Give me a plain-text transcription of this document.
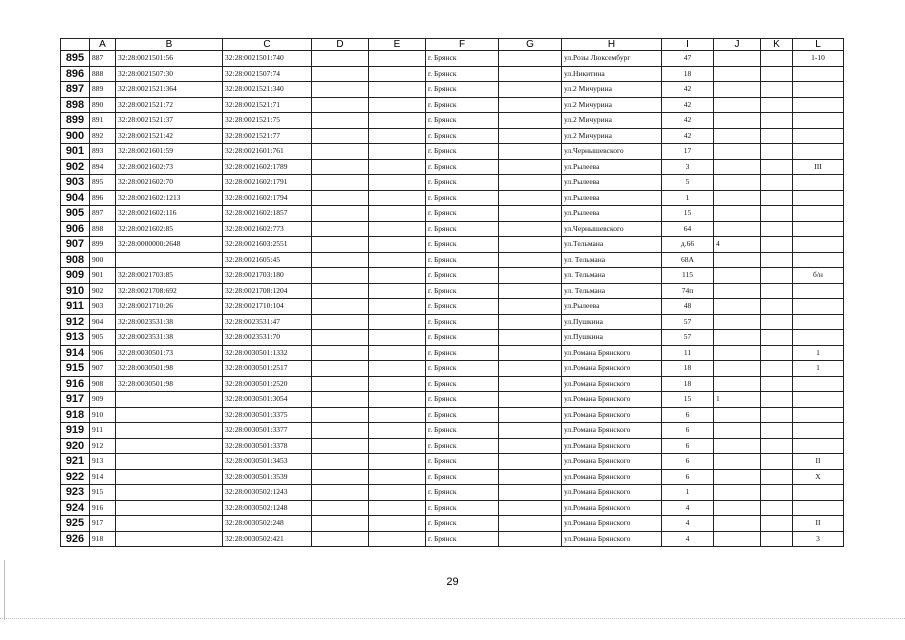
	A	B	C	D	E	F	G	H	I	J	K	L
895	887	32:28:0021501:56	32:28:0021501:740			г. Брянск		ул.Розы Люксембург	47			1-10
896	888	32:28:0021507:30	32:28:0021507:74			г. Брянск		ул.Никитина	18			
897	889	32:28:0021521:364	32:28:0021521:340			г. Брянск		ул.2 Мичурина	42			
898	890	32:28:0021521:72	32:28:0021521:71			г. Брянск		ул.2 Мичурина	42			
899	891	32:28:0021521:37	32:28:0021521:75			г. Брянск		ул.2 Мичурина	42			
900	892	32:28:0021521:42	32:28:0021521:77			г. Брянск		ул.2 Мичурина	42			
901	893	32:28:0021601:59	32:28:0021601:761			г. Брянск		ул.Чернышевского	17			
902	894	32:28:0021602:73	32:28:0021602:1789			г. Брянск		ул.Рылеева	3			III
903	895	32:28:0021602:70	32:28:0021602:1791			г. Брянск		ул.Рылеева	5			
904	896	32:28:0021602:1213	32:28:0021602:1794			г. Брянск		ул.Рылеева	1			
905	897	32:28:0021602:116	32:28:0021602:1857			г. Брянск		ул.Рылеева	15			
906	898	32:28:0021602:85	32:28:0021602:773			г. Брянск		ул.Чернышевского	64			
907	899	32:28:0000000:2648	32:28:0021603:2551			г. Брянск		ул.Тельмана	д.66	4		
908	900		32:28:0021605:45			г. Брянск		ул. Тельмана	68А			
909	901	32:28:0021703:85	32:28:0021703:180			г. Брянск		ул. Тельмана	115			б/н
910	902	32:28:0021708:692	32:28:0021708:1204			г. Брянск		ул. Тельмана	74п			
911	903	32:28:0021710:26	32:28:0021710:104			г. Брянск		ул.Рылеева	48			
912	904	32:28:0023531:38	32:28:0023531:47			г. Брянск		ул.Пушкина	57			
913	905	32:28:0023531:38	32:28:0023531:70			г. Брянск		ул.Пушкина	57			
914	906	32:28:0030501:73	32:28:0030501:1332			г. Брянск		ул.Романа Брянского	11			1
915	907	32:28:0030501:98	32:28:0030501:2517			г. Брянск		ул.Романа Брянского	18			1
916	908	32:28:0030501:98	32:28:0030501:2520			г. Брянск		ул.Романа Брянского	18			
917	909		32:28:0030501:3054			г. Брянск		ул.Романа Брянского	15	1		
918	910		32:28:0030501:3375			г. Брянск		ул.Романа Брянского	6			
919	911		32:28:0030501:3377			г. Брянск		ул.Романа Брянского	6			
920	912		32:28:0030501:3378			г. Брянск		ул.Романа Брянского	6			
921	913		32:28:0030501:3453			г. Брянск		ул.Романа Брянского	6			II
922	914		32:28:0030501:3539			г. Брянск		ул.Романа Брянского	6			X
923	915		32:28:0030502:1243			г. Брянск		ул.Романа Брянского	1			
924	916		32:28:0030502:1248			г. Брянск		ул.Романа Брянского	4			
925	917		32:28:0030502:248			г. Брянск		ул.Романа Брянского	4			II
926	918		32:28:0030502:421			г. Брянск		ул.Романа Брянского	4			3
29
